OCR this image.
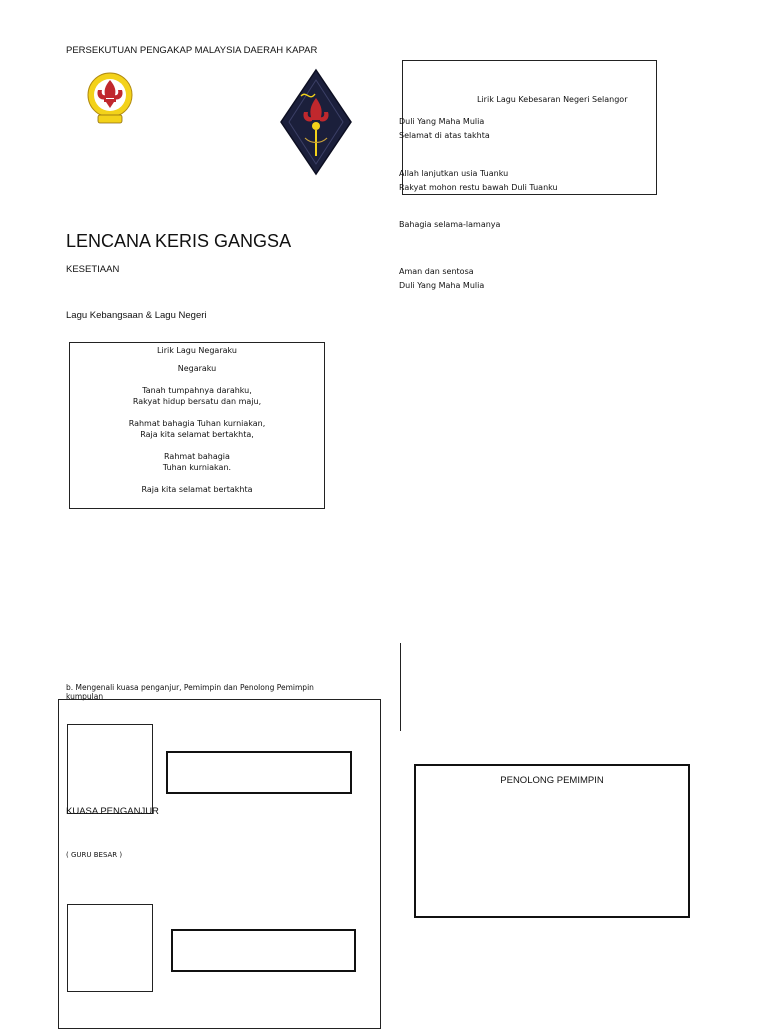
PERSEKUTUAN PENGAKAP MALAYSIA DAERAH KAPAR
LENCANA KERIS GANGSA
KESETIAAN
Lagu Kebangsaan & Lagu Negeri
Lirik Lagu Negaraku
Negaraku

Tanah tumpahnya darahku,
Rakyat hidup bersatu dan maju,

Rahmat bahagia Tuhan kurniakan,
Raja kita selamat bertakhta,

Rahmat bahagia
Tuhan kurniakan.

Raja kita selamat bertakhta
Lirik Lagu Kebesaran Negeri Selangor
Duli Yang Maha Mulia
Selamat di atas takhta
Allah lanjutkan usia Tuanku
Rakyat mohon restu bawah Duli Tuanku
Bahagia selama-lamanya
Aman dan sentosa
Duli Yang Maha Mulia
b. Mengenali kuasa penganjur, Pemimpin dan Penolong Pemimpin
kumpulan
KUASA PENGANJUR
( GURU BESAR )
PENOLONG PEMIMPIN
